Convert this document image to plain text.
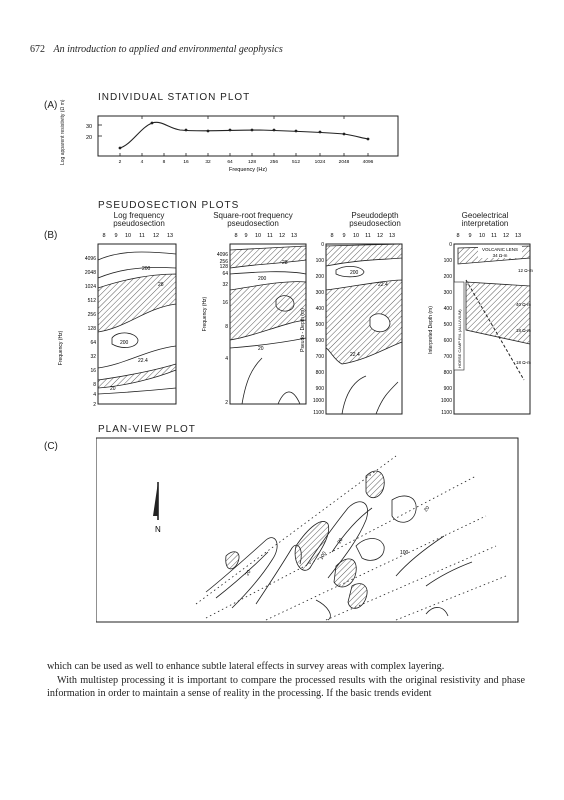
672 An introduction to applied and environmental geophysics
(A)
INDIVIDUAL STATION PLOT
Log apparent resistivity (Ω m)	30
20
2	4	8	16	32	64	128	256	512	1024	2048	4096
Frequency (Hz)
(B)
PSEUDOSECTION PLOTS
Log frequency
pseudosection
Square-root frequency
pseudosection
Pseudodepth
pseudosection
Geoelectrical
interpretation
8 9 10 11 12 13	8 9 10 11 12 13	8 9 10 11 12 13	8 9 10 11 12 13
4096
2048
1024
512
256
128
64
32
16
8
4
2
Frequency (Hz)
200
28
200
22.4
20
4096
256
128
64
32
16
8
4
2
Frequency (Hz)
28
200
20
0
100
200
300
400
500
600
700
800
900
1000
1100
Pseudo - Depth (m)
200
22.4
22.4
0
100
200
300
400
500
600
700
800
900
1000
1100
Interpreted Depth (m)
VOLCANIC LENS
34 Ω-m
HORSE CAMP FM. (ALLUVIUM)
12 Ω-m
40 Ω-m
18 Ω-m
18 Ω-m
PLAN-VIEW PLOT
(C)
N
20
20
100	100
20

which can be used as well to enhance subtle lateral effects in survey areas with complex layering.

With multistep processing it is important to compare the processed results with the original resistivity and phase information in order to maintain a sense of reality in the processing. If the basic trends evident
